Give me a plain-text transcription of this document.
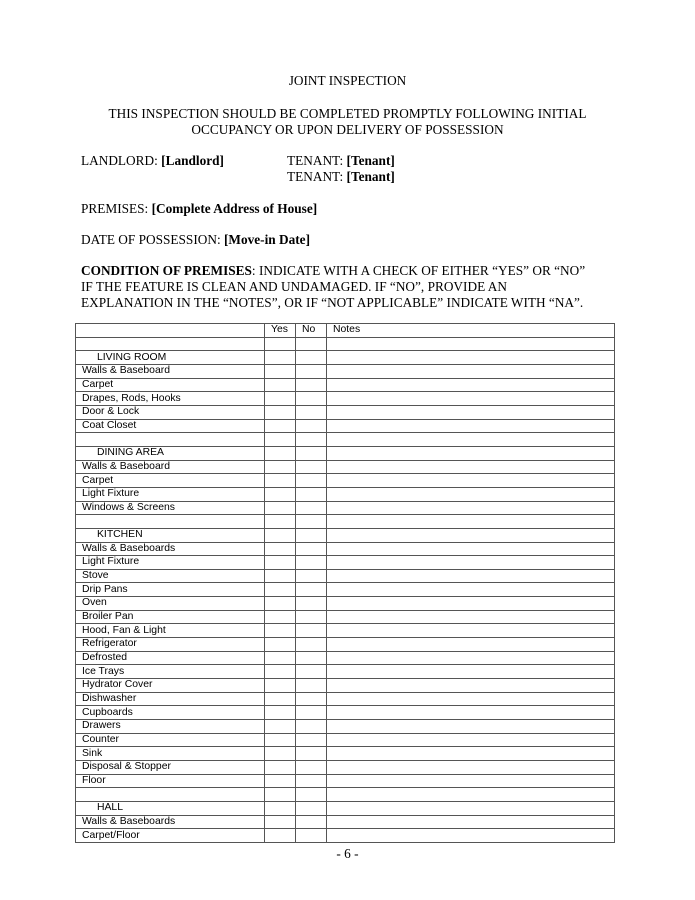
JOINT INSPECTION
THIS INSPECTION SHOULD BE COMPLETED PROMPTLY FOLLOWING INITIAL
OCCUPANCY OR UPON DELIVERY OF POSSESSION
LANDLORD: [Landlord]	TENANT: [Tenant]
TENANT: [Tenant]
PREMISES: [Complete Address of House]
DATE OF POSSESSION: [Move-in Date]
CONDITION OF PREMISES: INDICATE WITH A CHECK OF EITHER “YES” OR “NO”
IF THE FEATURE IS CLEAN AND UNDAMAGED. IF “NO”, PROVIDE AN
EXPLANATION IN THE “NOTES”, OR IF “NOT APPLICABLE” INDICATE WITH “NA”.
	Yes	No	Notes

LIVING ROOM			
Walls & Baseboard			
Carpet			
Drapes, Rods, Hooks			
Door & Lock			
Coat Closet			

DINING AREA			
Walls & Baseboard			
Carpet			
Light Fixture			
Windows & Screens			

KITCHEN			
Walls & Baseboards			
Light Fixture			
Stove			
Drip Pans			
Oven			
Broiler Pan			
Hood, Fan & Light			
Refrigerator			
Defrosted			
Ice Trays			
Hydrator Cover			
Dishwasher			
Cupboards			
Drawers			
Counter			
Sink			
Disposal & Stopper			
Floor			

HALL			
Walls & Baseboards			
Carpet/Floor			
- 6 -
